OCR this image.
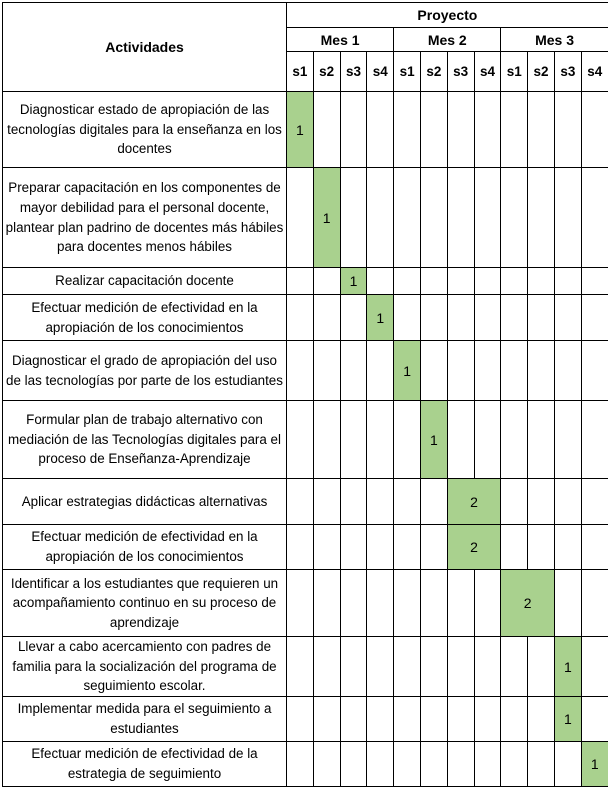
Actividades	Proyecto											
	Mes 1				Mes 2				Mes 3			
	s1	s2	s3	s4	s1	s2	s3	s4	s1	s2	s3	s4
Diagnosticar estado de apropiación de las tecnologías digitales para la enseñanza en los docentes	1											
Preparar capacitación en los componentes de mayor debilidad para el personal docente, plantear plan padrino de docentes más hábiles para docentes menos hábiles		1										
Realizar capacitación docente			1									
Efectuar medición de efectividad en la apropiación de los conocimientos				1								
Diagnosticar el grado de apropiación del uso de las tecnologías por parte de los estudiantes					1							
Formular plan de trabajo alternativo con mediación de las Tecnologías digitales para el proceso de Enseñanza-Aprendizaje						1						
Aplicar estrategias didácticas alternativas							2					
Efectuar medición de efectividad en la apropiación de los conocimientos							2					
Identificar a los estudiantes que requieren un acompañamiento continuo en su proceso de aprendizaje									2			
Llevar a cabo acercamiento con padres de familia para la socialización del programa de seguimiento escolar.											1	
Implementar medida para el seguimiento a estudiantes											1	
Efectuar medición de efectividad de la estrategia de seguimiento												1
